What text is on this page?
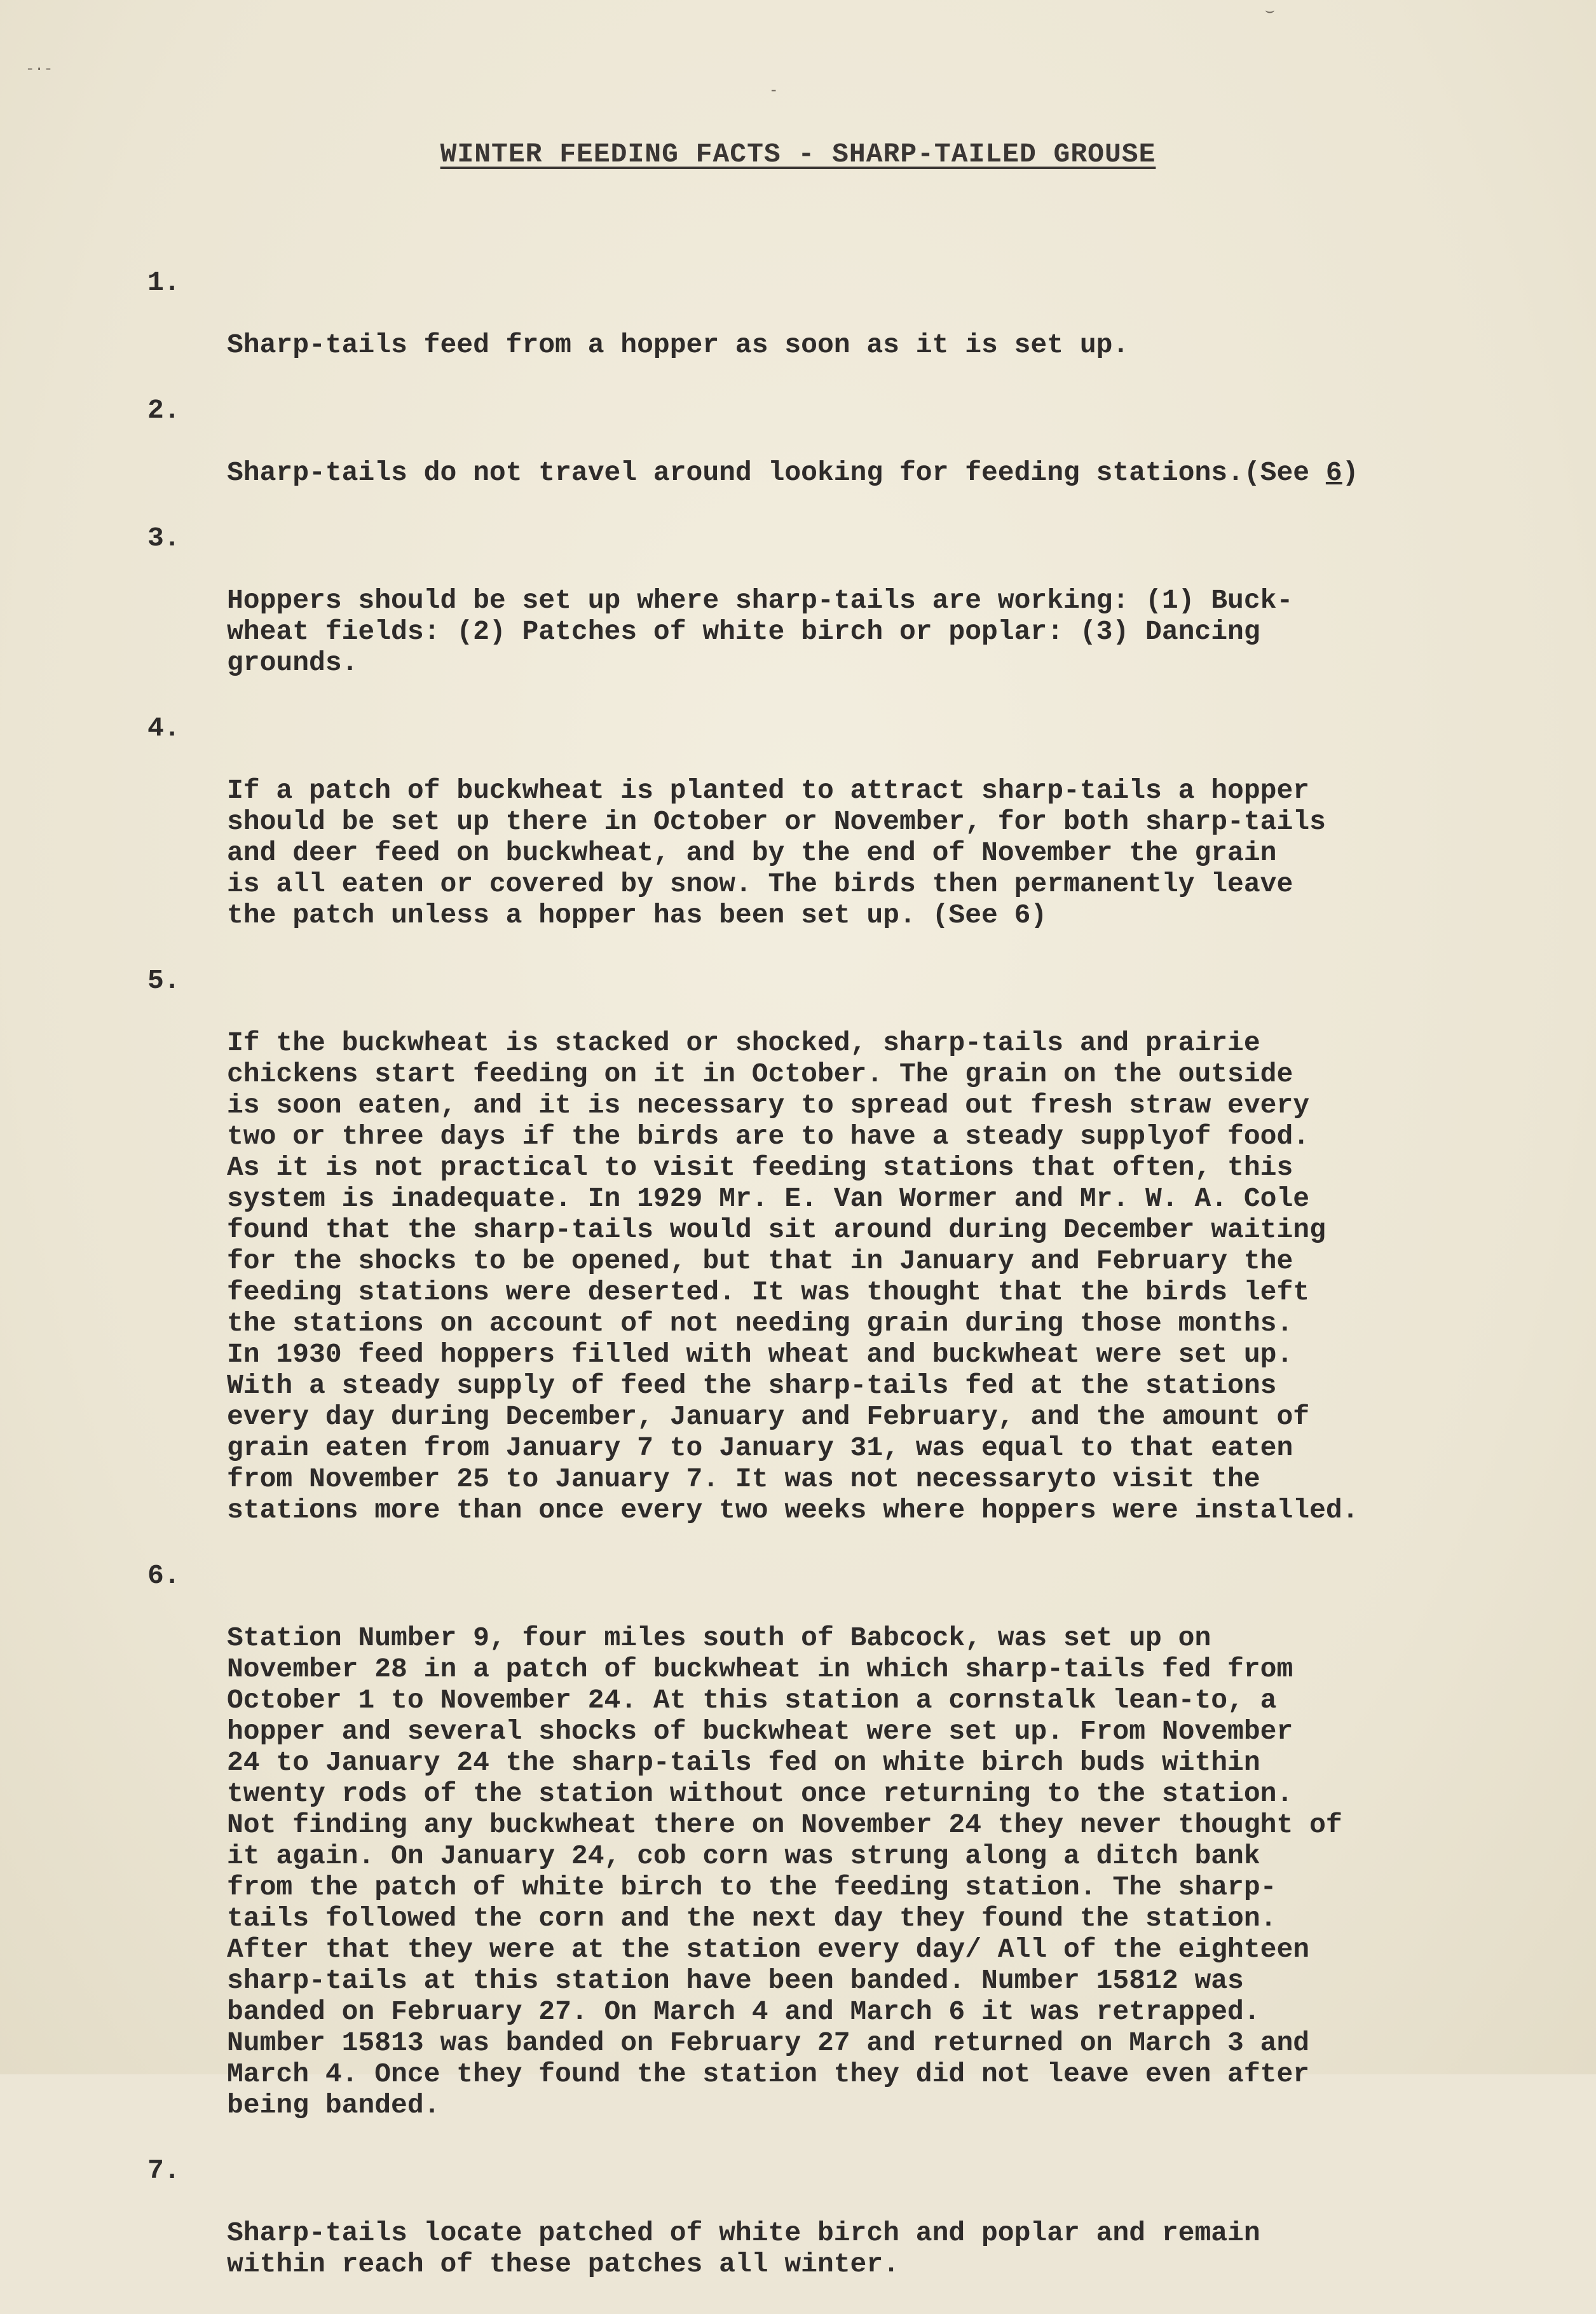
-·-
⌣
-
WINTER FEEDING FACTS - SHARP-TAILED GROUSE

1.

Sharp-tails feed from a hopper as soon as it is set up.

2.

Sharp-tails do not travel around looking for feeding stations.(See 6)

3.

Hoppers should be set up where sharp-tails are working: (1) Buck-
wheat fields: (2) Patches of white birch or poplar: (3) Dancing
grounds.

4.

If a patch of buckwheat is planted to attract sharp-tails a hopper
should be set up there in October or November, for both sharp-tails
and deer feed on buckwheat, and by the end of November the grain
is all eaten or covered by snow. The birds then permanently leave
the patch unless a hopper has been set up. (See 6)

5.

If the buckwheat is stacked or shocked, sharp-tails and prairie
chickens start feeding on it in October. The grain on the outside
is soon eaten, and it is necessary to spread out fresh straw every
two or three days if the birds are to have a steady supplyof food.
As it is not practical to visit feeding stations that often, this
system is inadequate. In 1929 Mr. E. Van Wormer and Mr. W. A. Cole
found that the sharp-tails would sit around during December waiting
for the shocks to be opened, but that in January and February the
feeding stations were deserted. It was thought that the birds left
the stations on account of not needing grain during those months.
In 1930 feed hoppers filled with wheat and buckwheat were set up.
With a steady supply of feed the sharp-tails fed at the stations
every day during December, January and February, and the amount of
grain eaten from January 7 to January 31, was equal to that eaten
from November 25 to January 7. It was not necessaryto visit the
stations more than once every two weeks where hoppers were installed.

6.

Station Number 9, four miles south of Babcock, was set up on
November 28 in a patch of buckwheat in which sharp-tails fed from
October 1 to November 24. At this station a cornstalk lean-to, a
hopper and several shocks of buckwheat were set up. From November
24 to January 24 the sharp-tails fed on white birch buds within
twenty rods of the station without once returning to the station.
Not finding any buckwheat there on November 24 they never thought of
it again. On January 24, cob corn was strung along a ditch bank
from the patch of white birch to the feeding station. The sharp-
tails followed the corn and the next day they found the station.
After that they were at the station every day/ All of the eighteen
sharp-tails at this station have been banded. Number 15812 was
banded on February 27. On March 4 and March 6 it was retrapped.
Number 15813 was banded on February 27 and returned on March 3 and
March 4. Once they found the station they did not leave even after
being banded.

7.

Sharp-tails locate patched of white birch and poplar and remain
within reach of these patches all winter.
